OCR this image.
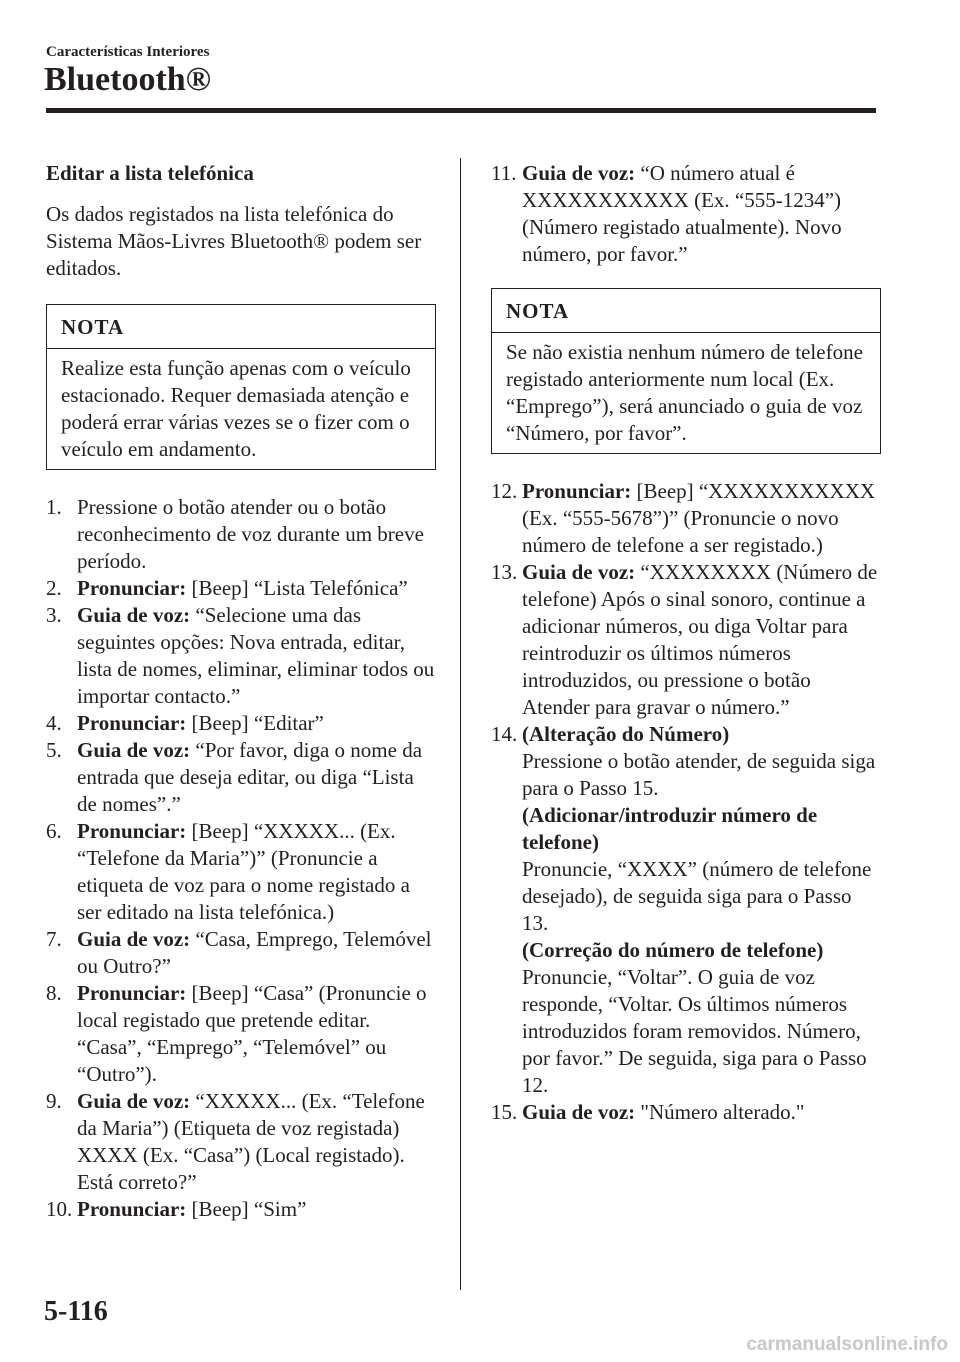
Características Interiores
Bluetooth®
Editar a lista telefónica

Os dados registados na lista telefónica do Sistema Mãos-Livres Bluetooth® podem ser editados.

NOTA
Realize esta função apenas com o veículo estacionado. Requer demasiada atenção e poderá errar várias vezes se o fizer com o veículo em andamento.
1. Pressione o botão atender ou o botão reconhecimento de voz durante um breve período.
2. Pronunciar: [Beep] “Lista Telefónica”
3. Guia de voz: “Selecione uma das seguintes opções: Nova entrada, editar, lista de nomes, eliminar, eliminar todos ou importar contacto.”
4. Pronunciar: [Beep] “Editar”
5. Guia de voz: “Por favor, diga o nome da entrada que deseja editar, ou diga “Lista de nomes”.”
6. Pronunciar: [Beep] “XXXXX... (Ex. “Telefone da Maria”)” (Pronuncie a etiqueta de voz para o nome registado a ser editado na lista telefónica.)
7. Guia de voz: “Casa, Emprego, Telemóvel ou Outro?”
8. Pronunciar: [Beep] “Casa” (Pronuncie o local registado que pretende editar. “Casa”, “Emprego”, “Telemóvel” ou “Outro”).
9. Guia de voz: “XXXXX... (Ex. “Telefone da Maria”) (Etiqueta de voz registada) XXXX (Ex. “Casa”) (Local registado). Está correto?”
10. Pronunciar: [Beep] “Sim”
11. Guia de voz: “O número atual é XXXXXXXXXXX (Ex. “555-1234”) (Número registado atualmente). Novo número, por favor.”
NOTA
Se não existia nenhum número de telefone registado anteriormente num local (Ex. “Emprego”), será anunciado o guia de voz “Número, por favor”.
12. Pronunciar: [Beep] “XXXXXXXXXXX (Ex. “555-5678”)” (Pronuncie o novo número de telefone a ser registado.)
13. Guia de voz: “XXXXXXXX (Número de telefone) Após o sinal sonoro, continue a adicionar números, ou diga Voltar para reintroduzir os últimos números introduzidos, ou pressione o botão Atender para gravar o número.”
14. (Alteração do Número)
Pressione o botão atender, de seguida siga para o Passo 15.
(Adicionar/introduzir número de telefone)
Pronuncie, “XXXX” (número de telefone desejado), de seguida siga para o Passo 13.
(Correção do número de telefone)
Pronuncie, “Voltar”. O guia de voz responde, “Voltar. Os últimos números introduzidos foram removidos. Número, por favor.” De seguida, siga para o Passo 12.
15. Guia de voz: "Número alterado."
5-116
carmanualsonline.info
